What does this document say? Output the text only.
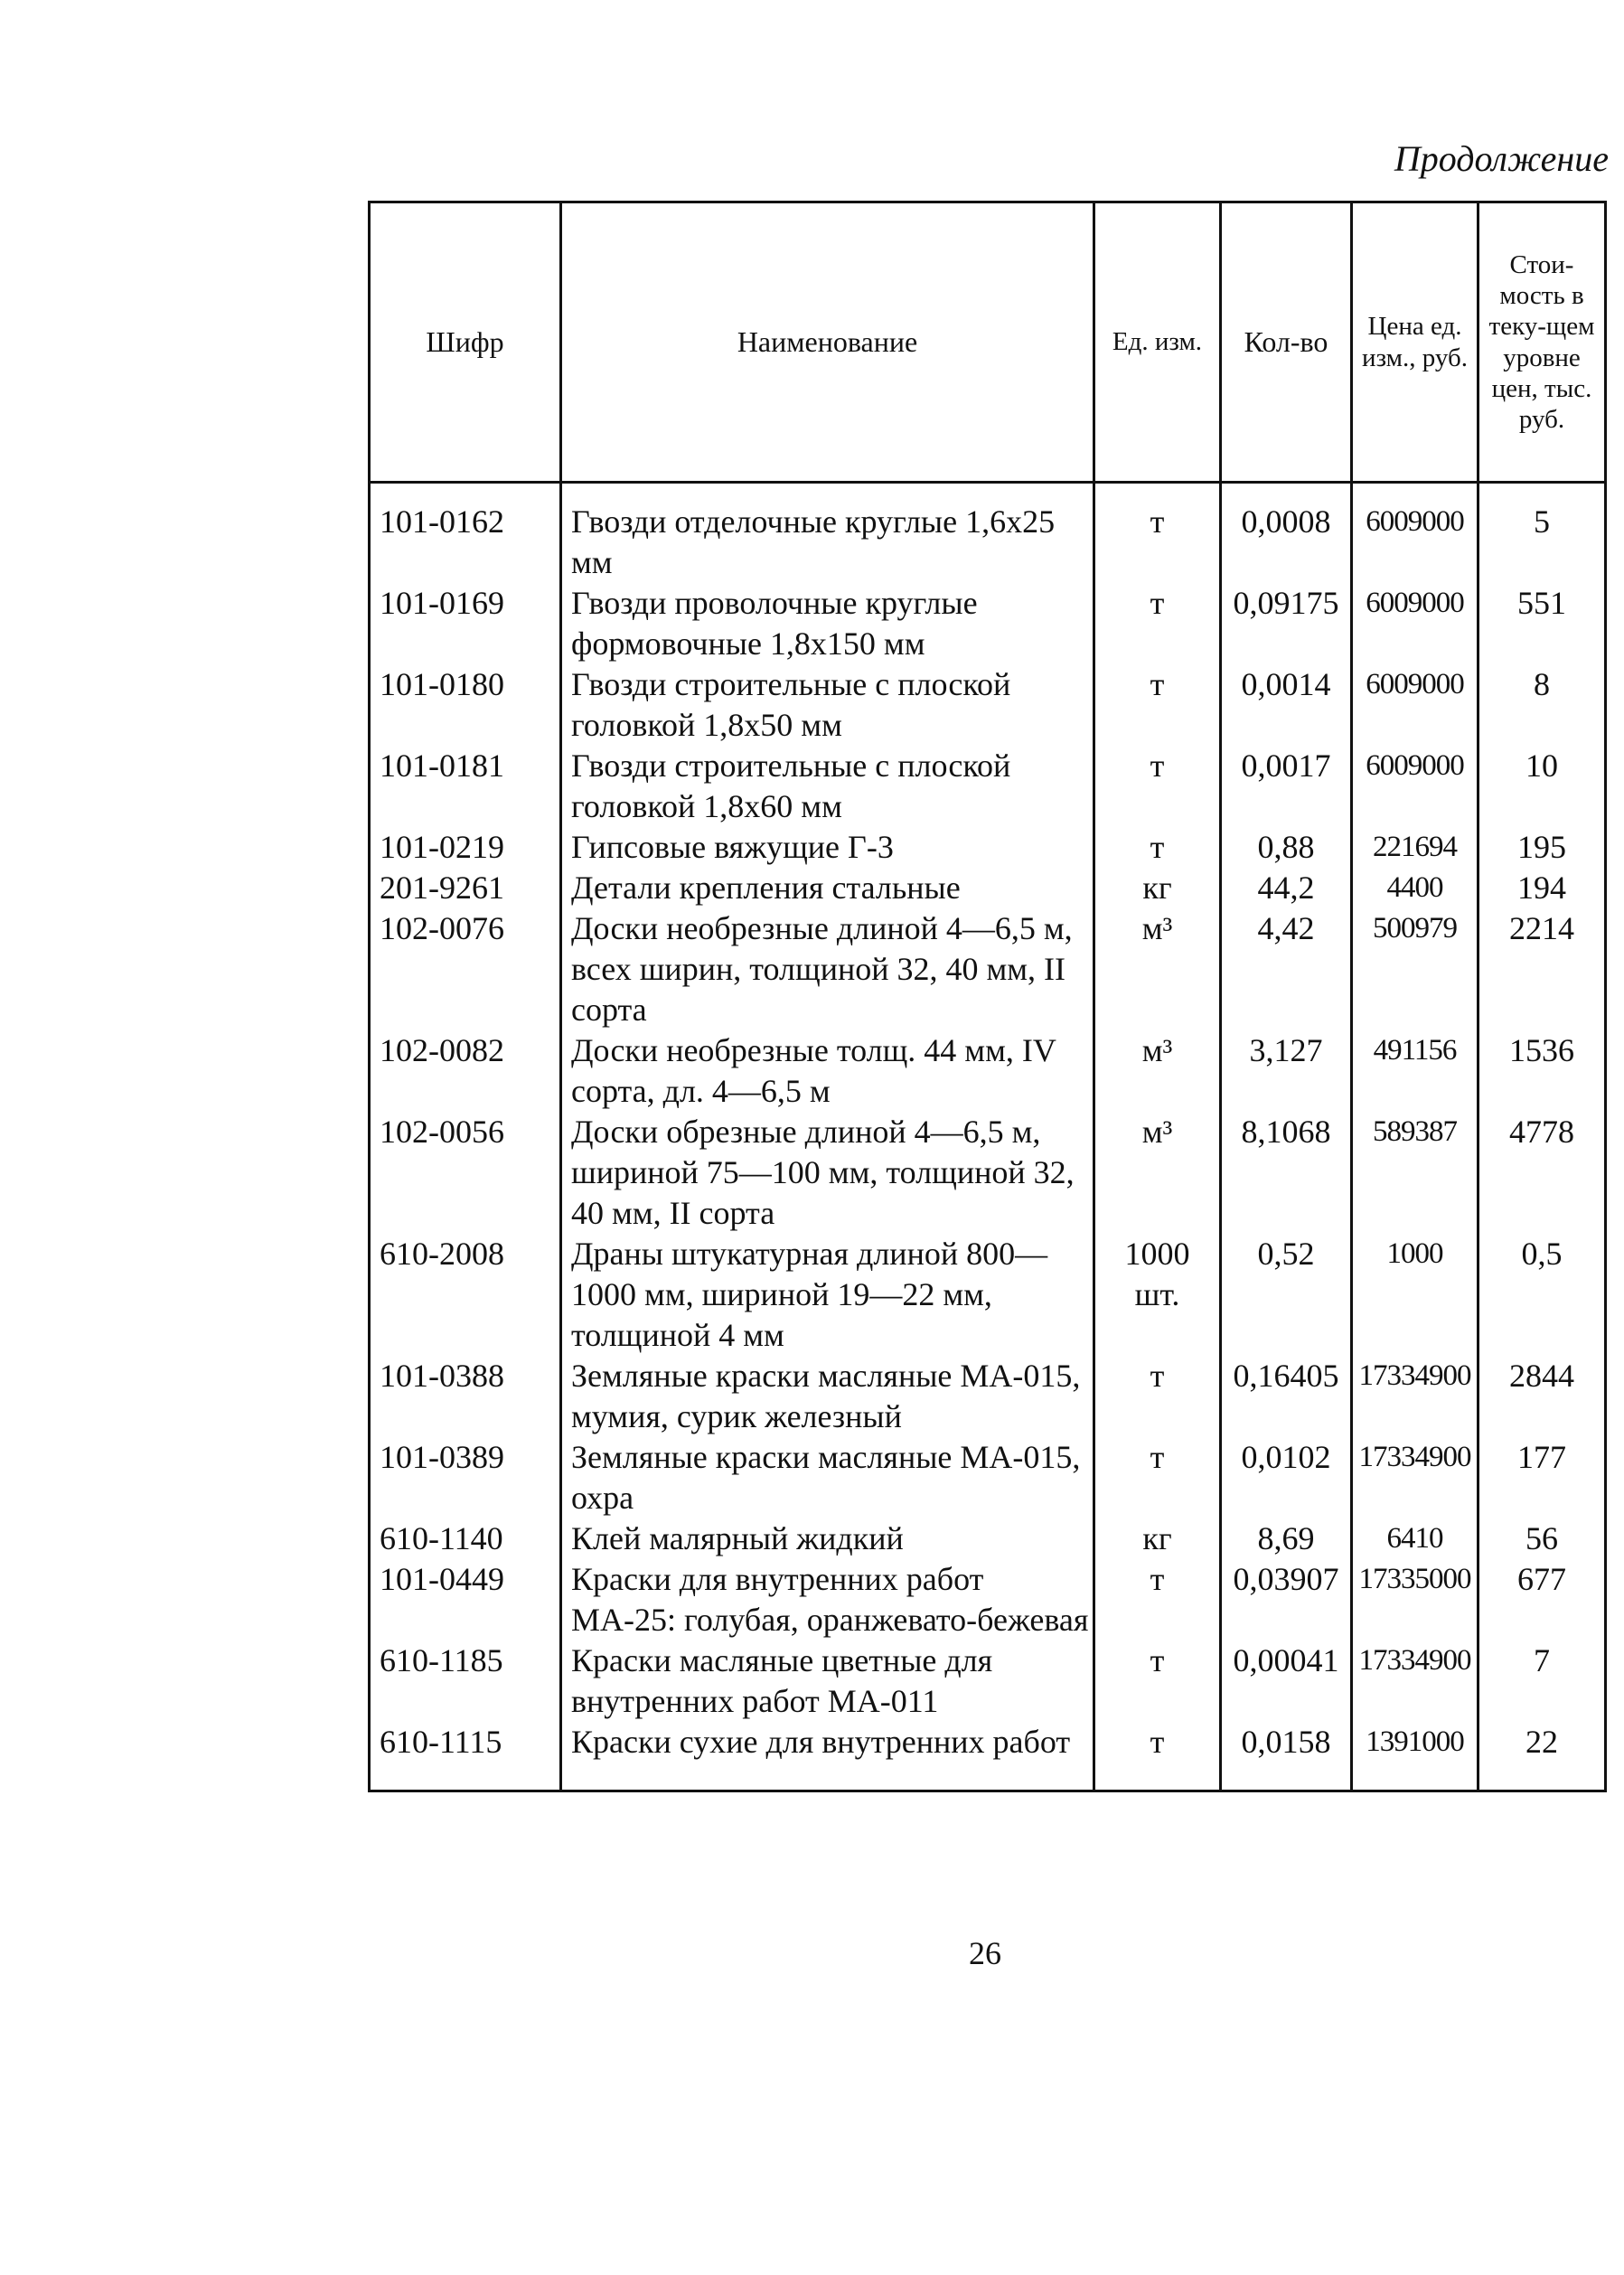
Продолжение
Шифр	Наименование	Ед. изм.	Кол-во	Цена ед. изм., руб.	Стои-мость в теку-щем уровне цен, тыс. руб.
101-0162	Гвозди отделочные круглые 1,6х25 мм	т	0,0008	6009000	5
101-0169	Гвозди проволочные круглые формовочные 1,8х150 мм	т	0,09175	6009000	551
101-0180	Гвозди строительные с плоской головкой 1,8х50 мм	т	0,0014	6009000	8
101-0181	Гвозди строительные с плоской головкой 1,8х60 мм	т	0,0017	6009000	10
101-0219	Гипсовые вяжущие Г-3	т	0,88	221694	195
201-9261	Детали крепления стальные	кг	44,2	4400	194
102-0076	Доски необрезные длиной 4—6,5 м, всех ширин, толщиной 32, 40 мм, II сорта	м³	4,42	500979	2214
102-0082	Доски необрезные толщ. 44 мм, IV сорта, дл. 4—6,5 м	м³	3,127	491156	1536
102-0056	Доски обрезные длиной 4—6,5 м, шириной 75—100 мм, толщиной 32, 40 мм, II сорта	м³	8,1068	589387	4778
610-2008	Драны штукатурная длиной 800—1000 мм, шириной 19—22 мм, толщиной 4 мм	1000 шт.	0,52	1000	0,5
101-0388	Земляные краски масляные МА-015, мумия, сурик железный	т	0,16405	17334900	2844
101-0389	Земляные краски масляные МА-015, охра	т	0,0102	17334900	177
610-1140	Клей малярный жидкий	кг	8,69	6410	56
101-0449	Краски для внутренних работ МА-25: голубая, оранжевато-бежевая	т	0,03907	17335000	677
610-1185	Краски масляные цветные для внутренних работ МА-011	т	0,00041	17334900	7
610-1115	Краски сухие для внутренних работ	т	0,0158	1391000	22
26
